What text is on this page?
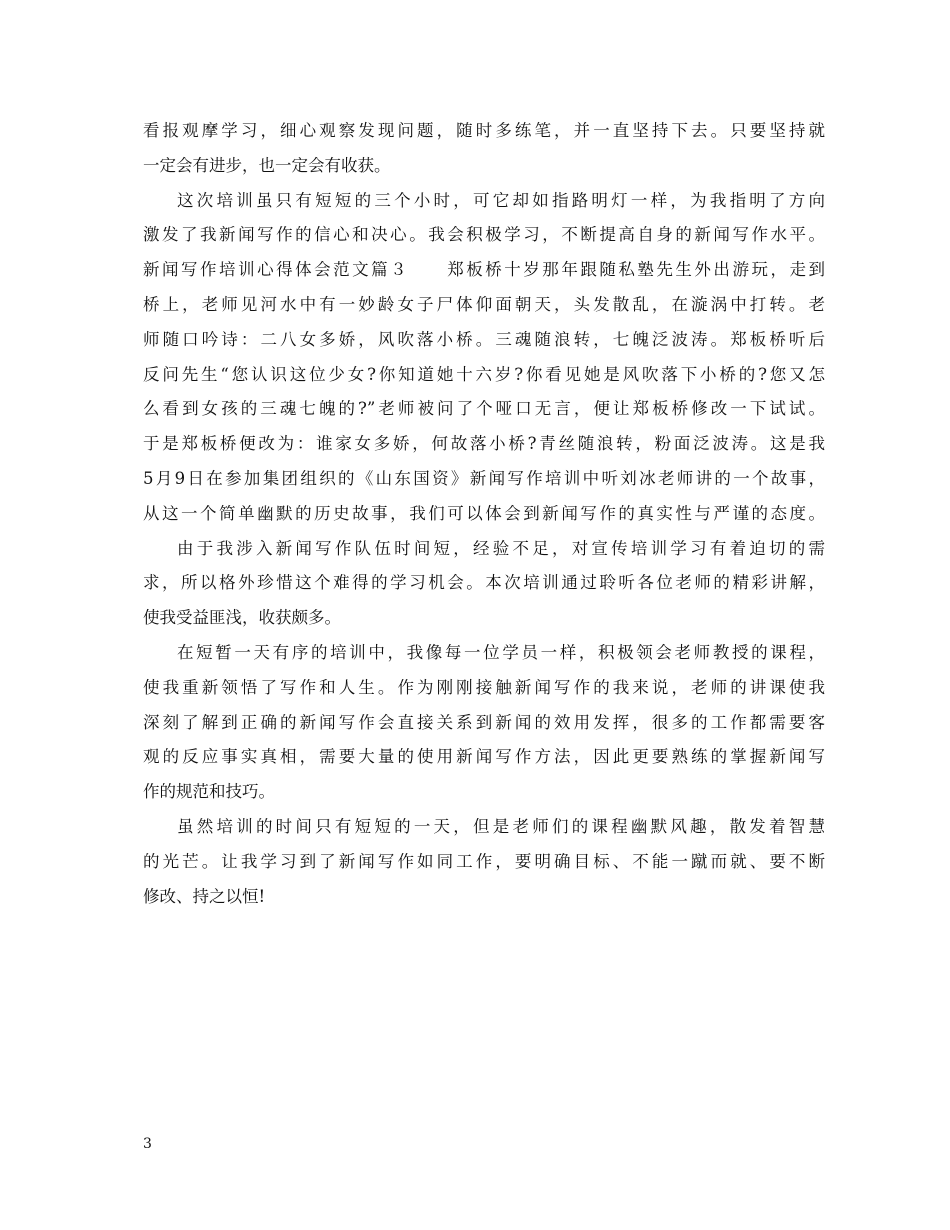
看报观摩学习，细心观察发现问题，随时多练笔，并一直坚持下去。只要坚持就
一定会有进步，也一定会有收获。
这次培训虽只有短短的三个小时，可它却如指路明灯一样，为我指明了方向
激发了我新闻写作的信心和决心。我会积极学习，不断提高自身的新闻写作水平。
新闻写作培训心得体会范文篇３　　郑板桥十岁那年跟随私塾先生外出游玩，走到
桥上，老师见河水中有一妙龄女子尸体仰面朝天，头发散乱，在漩涡中打转。老
师随口吟诗：二八女多娇，风吹落小桥。三魂随浪转，七魄泛波涛。郑板桥听后
反问先生“您认识这位少女?你知道她十六岁?你看见她是风吹落下小桥的?您又怎
么看到女孩的三魂七魄的?”老师被问了个哑口无言，便让郑板桥修改一下试试。
于是郑板桥便改为：谁家女多娇，何故落小桥?青丝随浪转，粉面泛波涛。这是我
5月9日在参加集团组织的《山东国资》新闻写作培训中听刘冰老师讲的一个故事，
从这一个简单幽默的历史故事，我们可以体会到新闻写作的真实性与严谨的态度。
由于我涉入新闻写作队伍时间短，经验不足，对宣传培训学习有着迫切的需
求，所以格外珍惜这个难得的学习机会。本次培训通过聆听各位老师的精彩讲解，
使我受益匪浅，收获颇多。
在短暂一天有序的培训中，我像每一位学员一样，积极领会老师教授的课程，
使我重新领悟了写作和人生。作为刚刚接触新闻写作的我来说，老师的讲课使我
深刻了解到正确的新闻写作会直接关系到新闻的效用发挥，很多的工作都需要客
观的反应事实真相，需要大量的使用新闻写作方法，因此更要熟练的掌握新闻写
作的规范和技巧。
虽然培训的时间只有短短的一天，但是老师们的课程幽默风趣，散发着智慧
的光芒。让我学习到了新闻写作如同工作，要明确目标、不能一蹴而就、要不断
修改、持之以恒!
3
